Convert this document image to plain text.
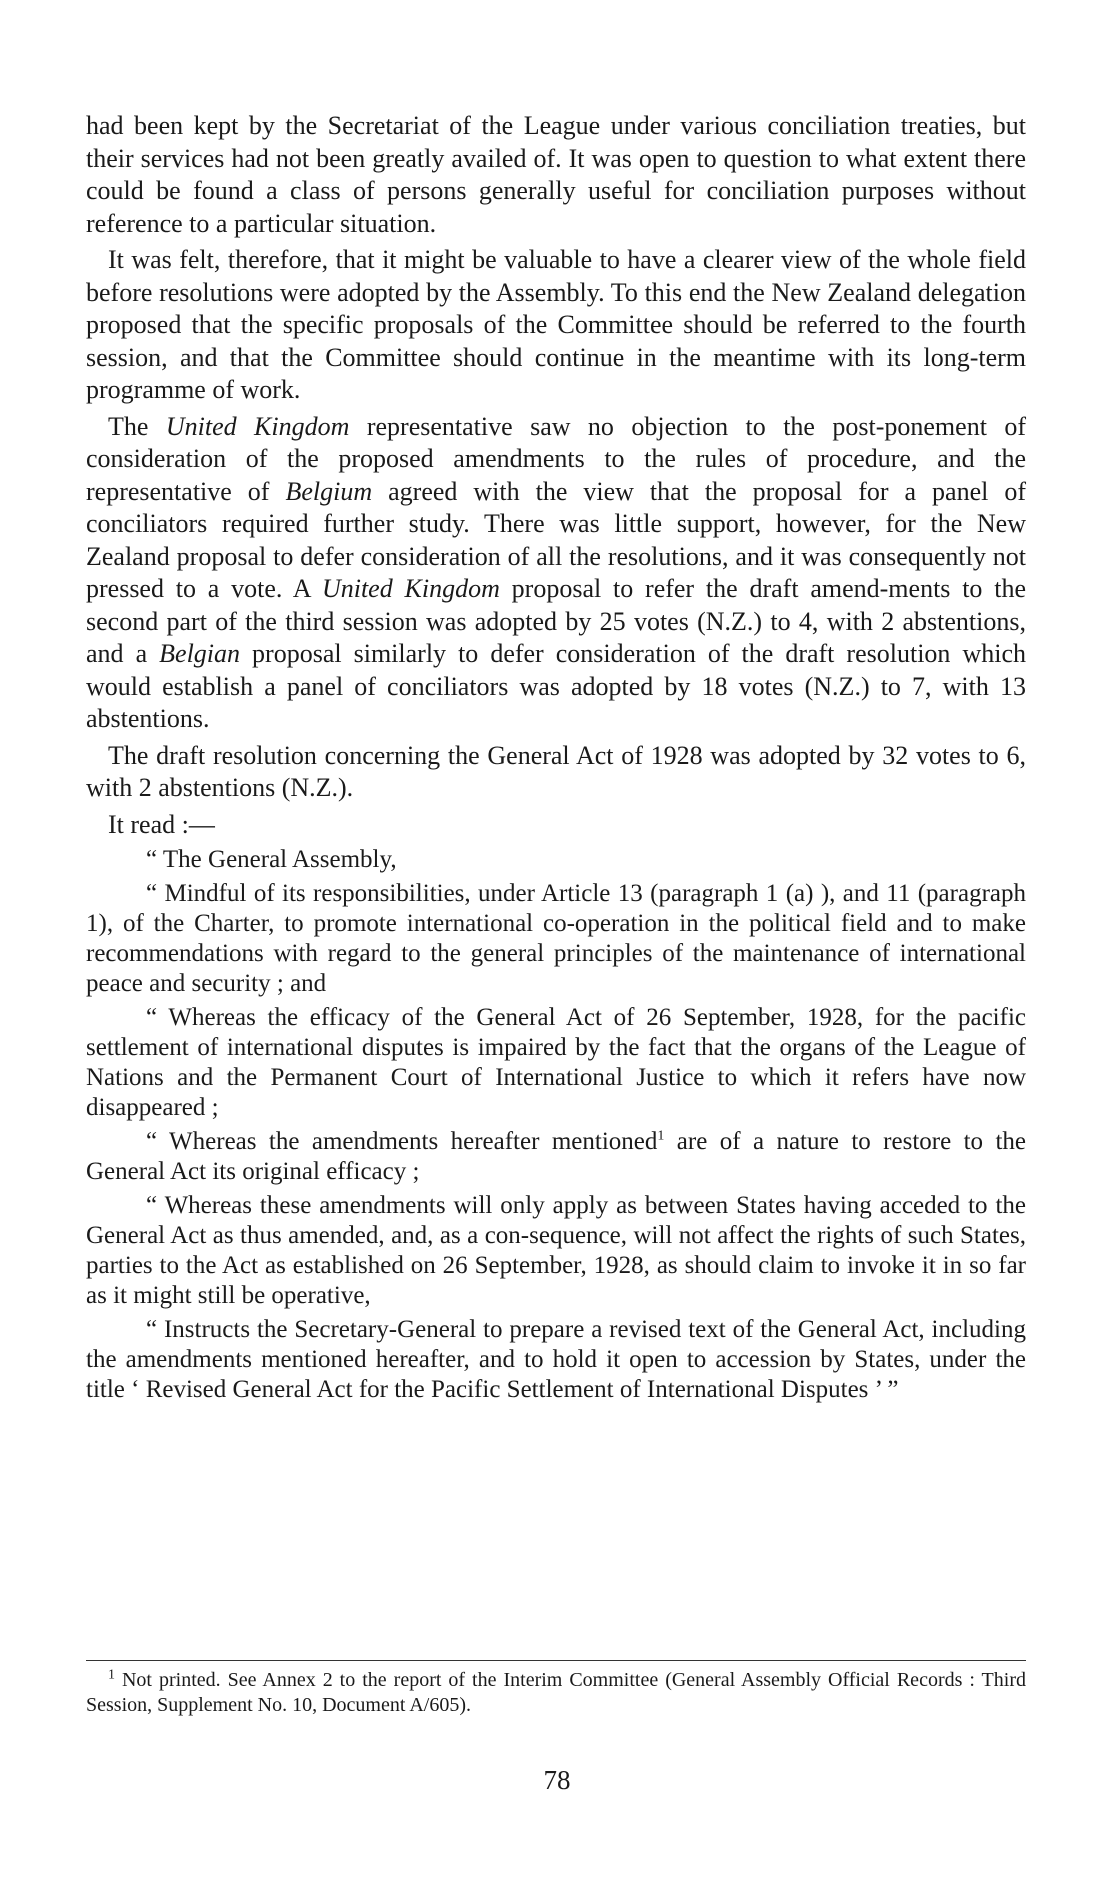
had been kept by the Secretariat of the League under various conciliation treaties, but their services had not been greatly availed of. It was open to question to what extent there could be found a class of persons generally useful for conciliation purposes without reference to a particular situation.

It was felt, therefore, that it might be valuable to have a clearer view of the whole field before resolutions were adopted by the Assembly. To this end the New Zealand delegation proposed that the specific proposals of the Committee should be referred to the fourth session, and that the Committee should continue in the meantime with its long-term programme of work.

The United Kingdom representative saw no objection to the post-ponement of consideration of the proposed amendments to the rules of procedure, and the representative of Belgium agreed with the view that the proposal for a panel of conciliators required further study. There was little support, however, for the New Zealand proposal to defer consideration of all the resolutions, and it was consequently not pressed to a vote. A United Kingdom proposal to refer the draft amend-ments to the second part of the third session was adopted by 25 votes (N.Z.) to 4, with 2 abstentions, and a Belgian proposal similarly to defer consideration of the draft resolution which would establish a panel of conciliators was adopted by 18 votes (N.Z.) to 7, with 13 abstentions.

The draft resolution concerning the General Act of 1928 was adopted by 32 votes to 6, with 2 abstentions (N.Z.).

It read :—

“ The General Assembly,

“ Mindful of its responsibilities, under Article 13 (paragraph 1 (a) ), and 11 (paragraph 1), of the Charter, to promote international co-operation in the political field and to make recommendations with regard to the general principles of the maintenance of international peace and security ; and

“ Whereas the efficacy of the General Act of 26 September, 1928, for the pacific settlement of international disputes is impaired by the fact that the organs of the League of Nations and the Permanent Court of International Justice to which it refers have now disappeared ;

“ Whereas the amendments hereafter mentioned$^1$ are of a nature to restore to the General Act its original efficacy ;

“ Whereas these amendments will only apply as between States having acceded to the General Act as thus amended, and, as a con-sequence, will not affect the rights of such States, parties to the Act as established on 26 September, 1928, as should claim to invoke it in so far as it might still be operative,

“ Instructs the Secretary-General to prepare a revised text of the General Act, including the amendments mentioned hereafter, and to hold it open to accession by States, under the title ‘ Revised General Act for the Pacific Settlement of International Disputes ’ ”

$^1$ Not printed. See Annex 2 to the report of the Interim Committee (General Assembly Official Records : Third Session, Supplement No. 10, Document A/605).
78
